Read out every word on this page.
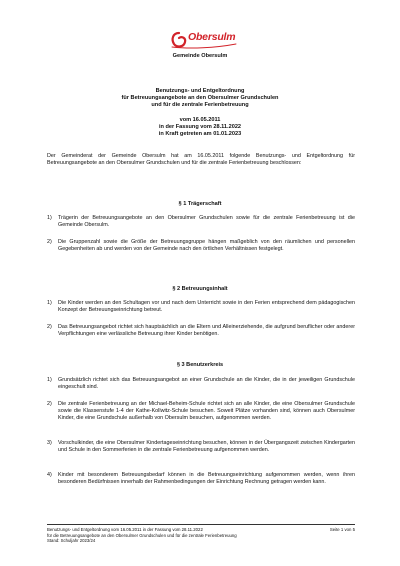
Obersulm
Gemeinde Obersulm
Benutzungs- und Entgeltordnung
für Betreuungsangebote an den Obersulmer Grundschulen
und für die zentrale Ferienbetreuung
vom 16.05.2011
in der Fassung vom 28.11.2022
in Kraft getreten am 01.01.2023
Der Gemeinderat der Gemeinde Obersulm hat am 16.05.2011 folgende Benutzungs- und Entgeltordnung für Betreuungsangebote an den Obersulmer Grundschulen und für die zentrale Ferienbetreuung beschlossen:
§ 1 Trägerschaft
1)	Trägerin der Betreuungsangebote an den Obersulmer Grundschulen sowie für die zentrale Ferienbetreuung ist die Gemeinde Obersulm.
2)	Die Gruppenzahl sowie die Größe der Betreuungsgruppe hängen maßgeblich von den räumlichen und personellen Gegebenheiten ab und werden von der Gemeinde nach den örtlichen Verhältnissen festgelegt.
§ 2 Betreuungsinhalt
1)	Die Kinder werden an den Schultagen vor und nach dem Unterricht sowie in den Ferien entsprechend dem pädagogischen Konzept der Betreuungseinrichtung betreut.
2)	Das Betreuungsangebot richtet sich hauptsächlich an die Eltern und Alleinerziehende, die aufgrund beruflicher oder anderer Verpflichtungen eine verlässliche Betreuung ihrer Kinder benötigen.
§ 3 Benutzerkreis
1)	Grundsätzlich richtet sich das Betreuungsangebot an einer Grundschule an die Kinder, die in der jeweiligen Grundschule eingeschult sind.
2)	Die zentrale Ferienbetreuung an der Michael-Beheim-Schule richtet sich an alle Kinder, die eine Obersulmer Grundschule sowie die Klassenstufe 1-4 der Kathe-Kollwitz-Schule besuchen. Soweit Plätze vorhanden sind, können auch Obersulmer Kinder, die eine Grundschule außerhalb von Obersulm besuchen, aufgenommen werden.
3)	Vorschulkinder, die eine Obersulmer Kindertageseinrichtung besuchen, können in der Übergangszeit zwischen Kindergarten und Schule in den Sommerferien in die zentrale Ferienbetreuung aufgenommen werden.
4)	Kinder mit besonderem Betreuungsbedarf können in die Betreuungseinrichtung aufgenommen werden, wenn ihren besonderen Bedürfnissen innerhalb der Rahmenbedingungen der Einrichtung Rechnung getragen werden kann.
Benutzungs- und Entgeltordnung vom 16.05.2011 in der Fassung vom 28.11.2022
für die Betreuungsangebote an den Obersulmer Grundschulen und für die zentrale Ferienbetreuung
Stand: Schuljahr 2023/24
Seite 1 von 5
